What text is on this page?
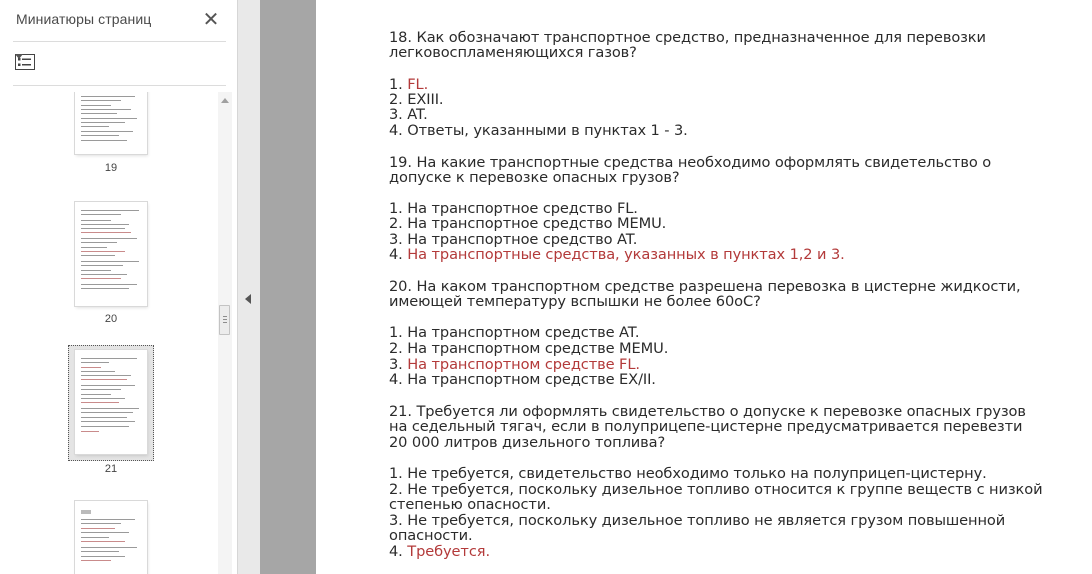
Миниатюры страниц	✕
19
20
21

18. Как обозначают транспортное средство, предназначенное для перевозки

легковоспламеняющихся газов?

1. FL.

2. EXIII.

3. AT.

4. Ответы, указанными в пунктах 1 - 3.

19. На какие транспортные средства необходимо оформлять свидетельство о

допуске к перевозке опасных грузов?

1. На транспортное средство FL.

2. На транспортное средство MEMU.

3. На транспортное средство AT.

4. На транспортные средства, указанных в пунктах 1,2 и 3.

20. На каком транспортном средстве разрешена перевозка в цистерне жидкости,

имеющей температуру вспышки не более 60оС?

1. На транспортном средстве AT.

2. На транспортном средстве MEMU.

3. На транспортном средстве FL.

4. На транспортном средстве EX/II.

21. Требуется ли оформлять свидетельство о допуске к перевозке опасных грузов

на седельный тягач, если в полуприцепе-цистерне предусматривается перевезти

20 000 литров дизельного топлива?

1. Не требуется, свидетельство необходимо только на полуприцеп-цистерну.

2. Не требуется, поскольку дизельное топливо относится к группе веществ с низкой

степенью опасности.

3. Не требуется, поскольку дизельное топливо не является грузом повышенной

опасности.

4. Требуется.
